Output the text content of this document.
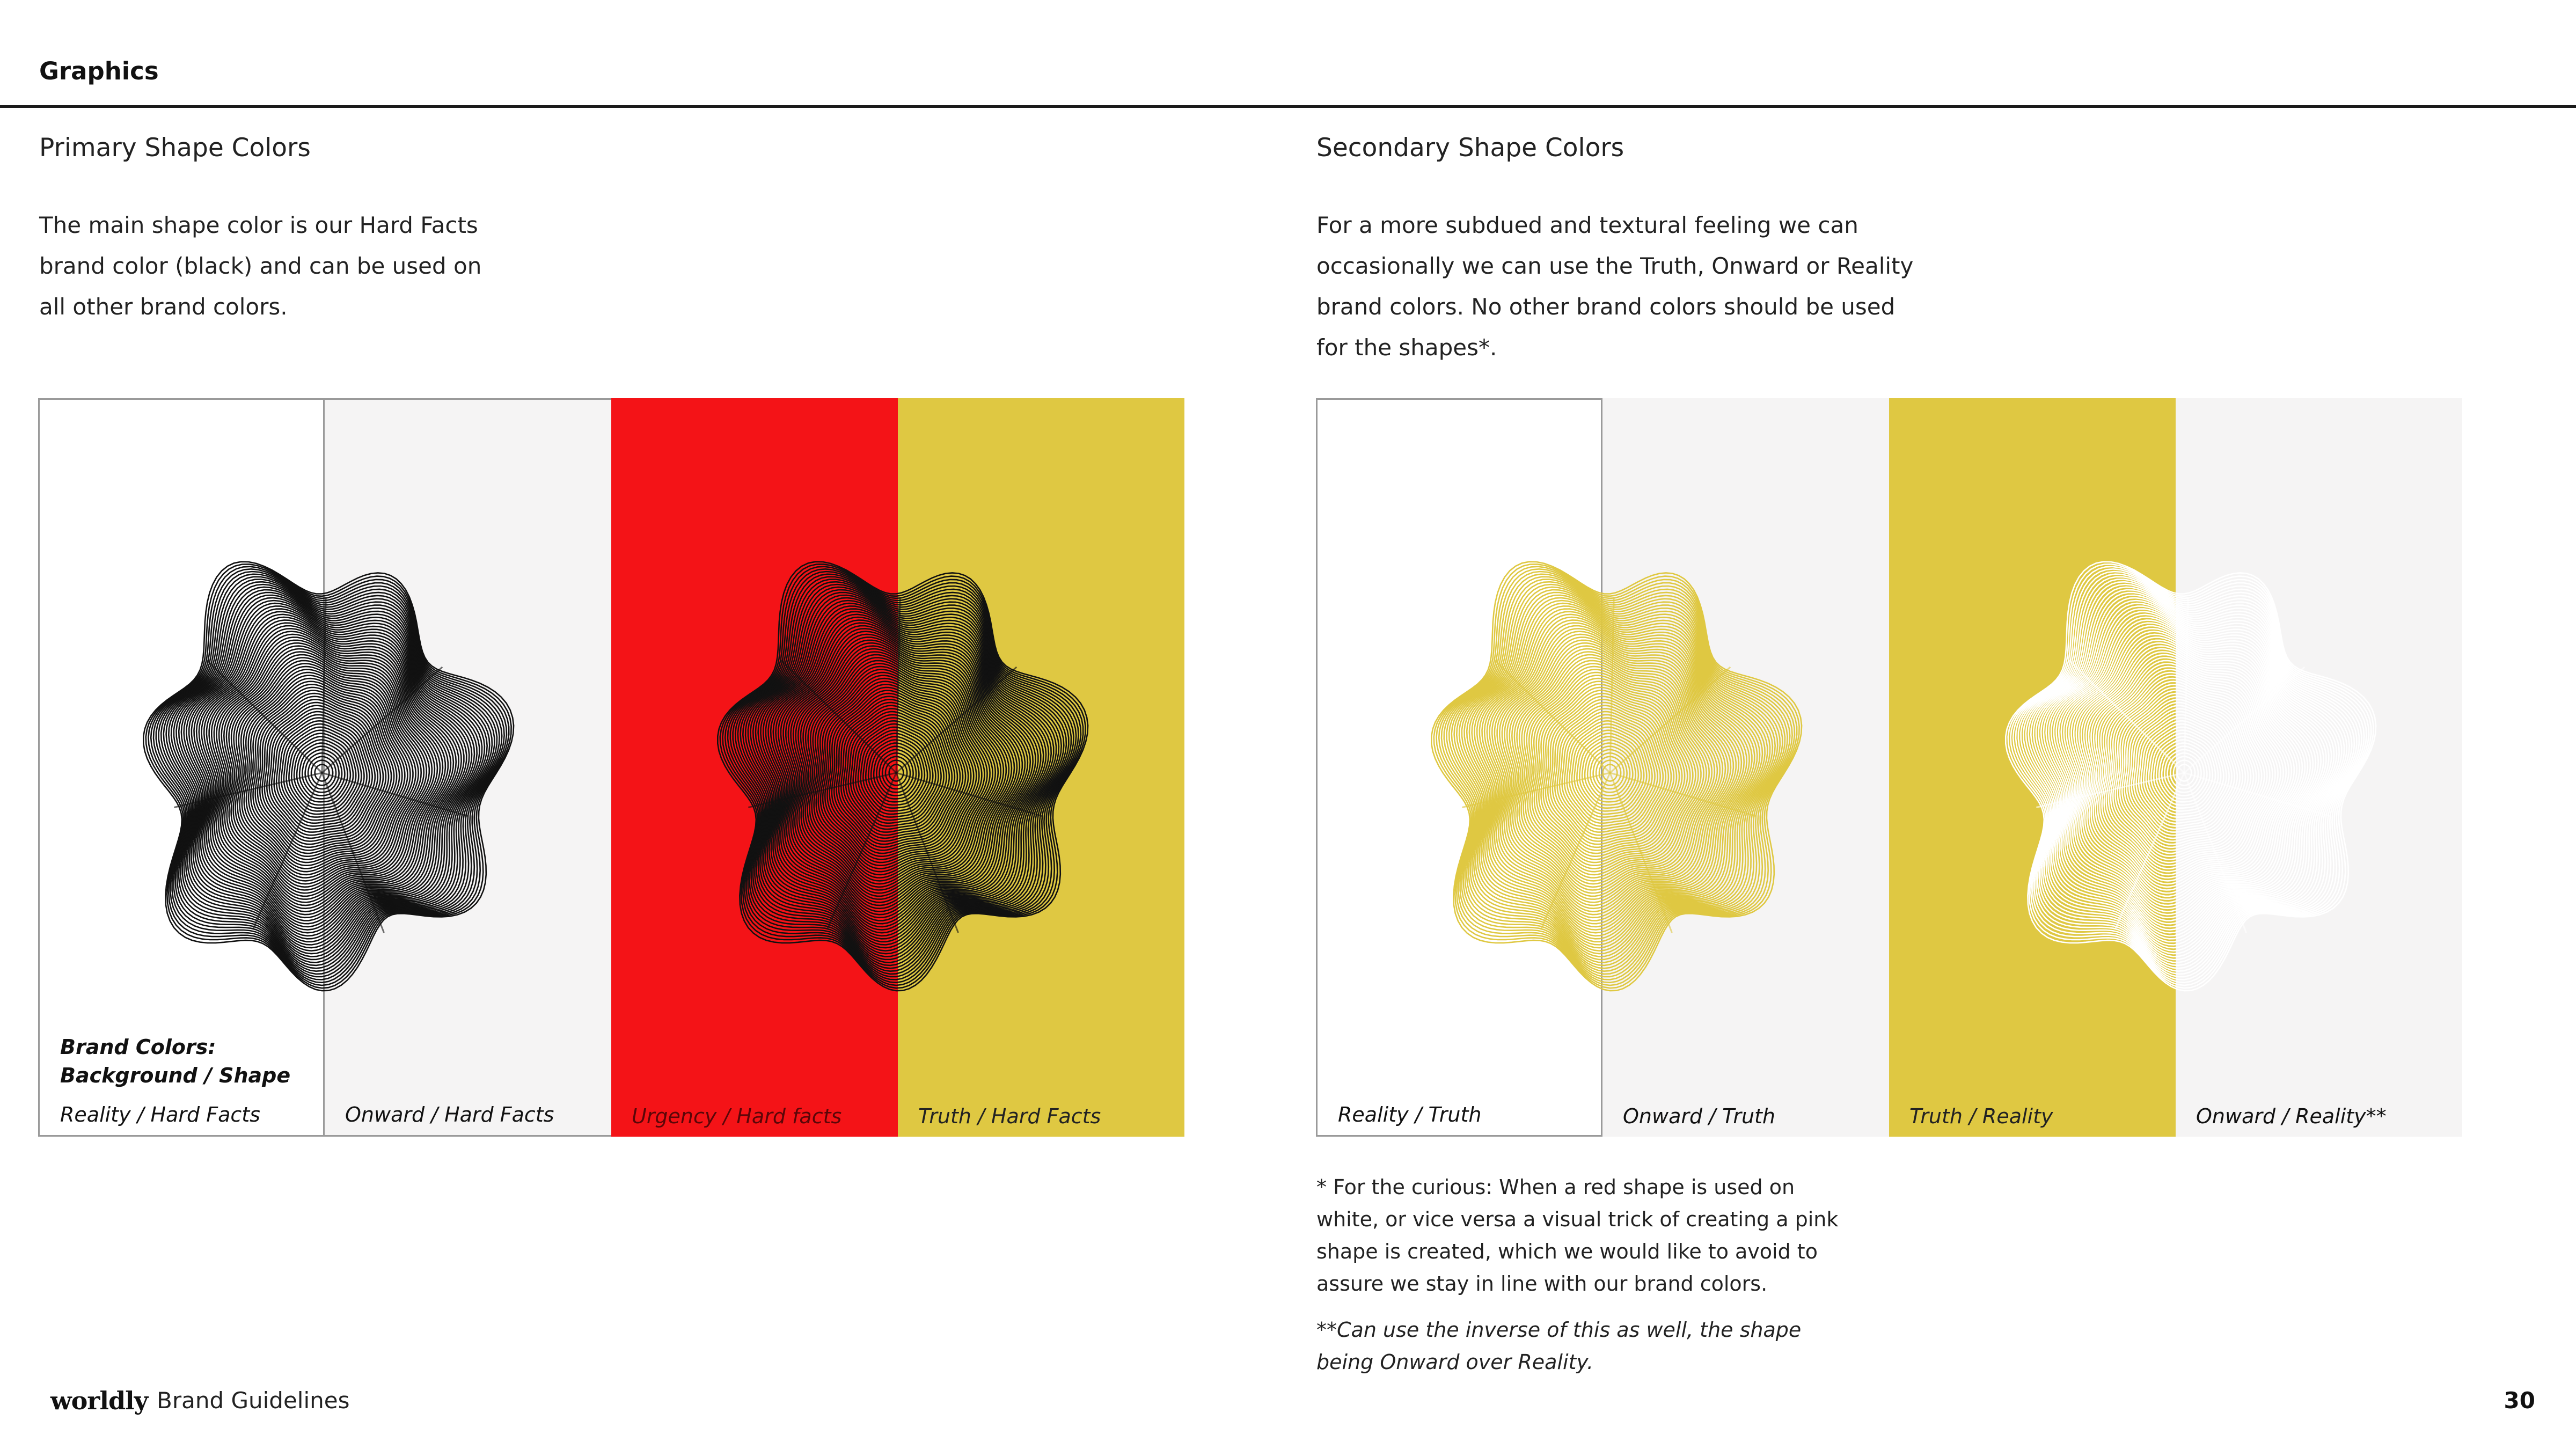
Graphics
Primary Shape Colors

The main shape color is our Hard Facts

brand color (black) and can be used on

all other brand colors.

Brand Colors:
Background / Shape
Reality / Hard Facts	Onward / Hard Facts	Urgency / Hard facts	Truth / Hard Facts
Secondary Shape Colors

For a more subdued and textural feeling we can

occasionally we can use the Truth, Onward or Reality

brand colors. No other brand colors should be used

for the shapes*.

Reality / Truth	Onward / Truth	Truth / Reality	Onward / Reality**

* For the curious: When a red shape is used on

white, or vice versa a visual trick of creating a pink

shape is created, which we would like to avoid to

assure we stay in line with our brand colors.

**Can use the inverse of this as well, the shape

being Onward over Reality.

worldly Brand Guidelines	30
